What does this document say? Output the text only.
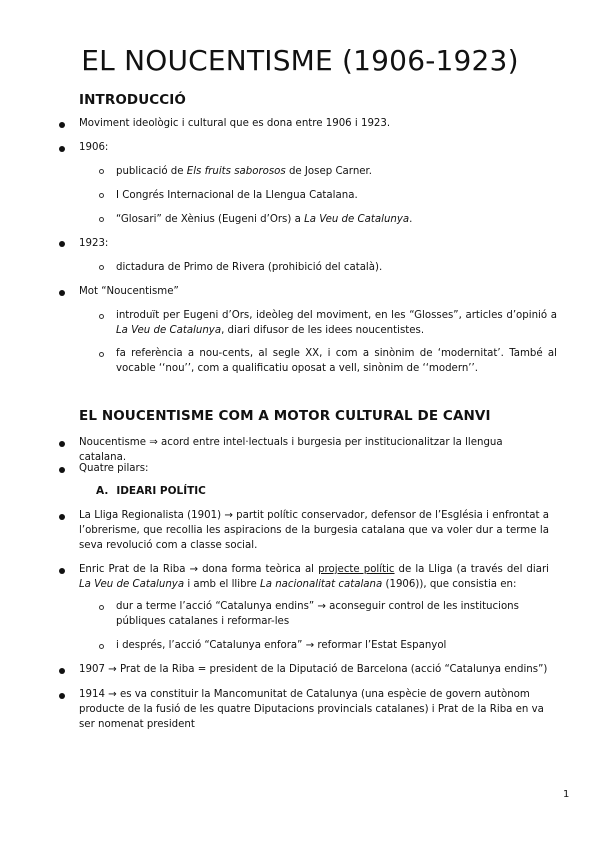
EL NOUCENTISME (1906-1923)
INTRODUCCIÓ

Moviment ideològic i cultural que es dona entre 1906 i 1923.

1906:

publicació de Els fruits saborosos de Josep Carner.

I Congrés Internacional de la Llengua Catalana.

“Glosari” de Xènius (Eugeni d’Ors) a La Veu de Catalunya.

1923:

dictadura de Primo de Rivera (prohibició del català).

Mot “Noucentisme”

introduït per Eugeni d’Ors, ideòleg del moviment, en les “Glosses”, articles d’opinió a La Veu de Catalunya, diari difusor de les idees noucentistes.

fa referència a nou-cents, al segle XX, i com a sinònim de ‘modernitat’. També al vocable ‘‘nou’’, com a qualificatiu oposat a vell, sinònim de ‘‘modern’’.

EL NOUCENTISME COM A MOTOR CULTURAL DE CANVI

Noucentisme ⇒ acord entre intel·lectuals i burgesia per institucionalitzar la llengua catalana.

Quatre pilars:

A. IDEARI POLÍTIC

La Lliga Regionalista (1901) → partit polític conservador, defensor de l’Església i enfrontat a l’obrerisme, que recollia les aspiracions de la burgesia catalana que va voler dur a terme la seva revolució com a classe social.

Enric Prat de la Riba → dona forma teòrica al projecte polític de la Lliga (a través del diari La Veu de Catalunya i amb el llibre La nacionalitat catalana (1906)), que consistia en:

dur a terme l’acció “Catalunya endins” → aconseguir control de les institucions públiques catalanes i reformar-les

i després, l’acció “Catalunya enfora” → reformar l’Estat Espanyol

1907 → Prat de la Riba = president de la Diputació de Barcelona (acció “Catalunya endins”)

1914 → es va constituir la Mancomunitat de Catalunya (una espècie de govern autònom producte de la fusió de les quatre Diputacions provincials catalanes) i Prat de la Riba en va ser nomenat president

1
